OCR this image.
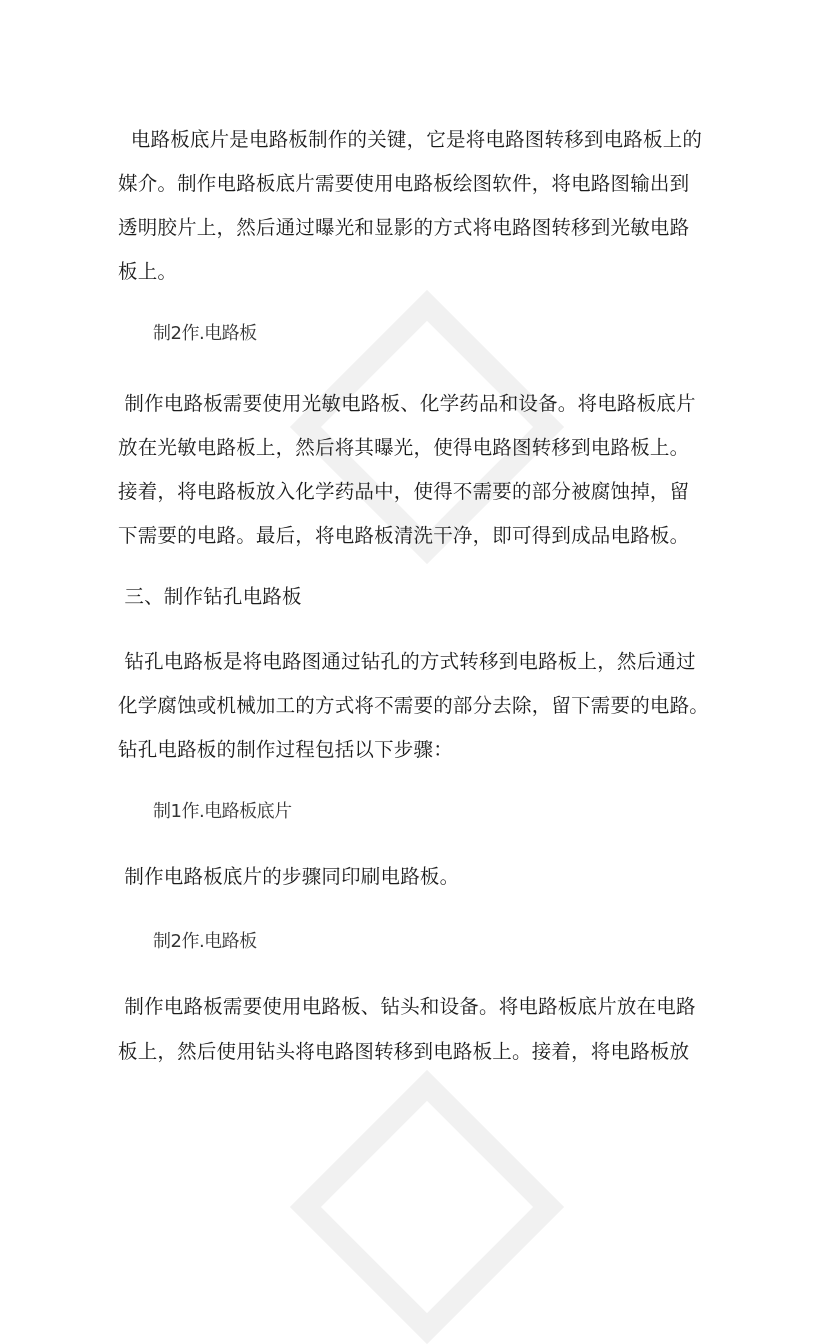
电路板底片是电路板制作的关键，它是将电路图转移到电路板上的
媒介。制作电路板底片需要使用电路板绘图软件，将电路图输出到
透明胶片上，然后通过曝光和显影的方式将电路图转移到光敏电路
板上。
制2作.电路板
制作电路板需要使用光敏电路板、化学药品和设备。将电路板底片
放在光敏电路板上，然后将其曝光，使得电路图转移到电路板上。
接着，将电路板放入化学药品中，使得不需要的部分被腐蚀掉，留
下需要的电路。最后，将电路板清洗干净，即可得到成品电路板。
三、制作钻孔电路板
钻孔电路板是将电路图通过钻孔的方式转移到电路板上，然后通过
化学腐蚀或机械加工的方式将不需要的部分去除，留下需要的电路。
钻孔电路板的制作过程包括以下步骤：
制1作.电路板底片
制作电路板底片的步骤同印刷电路板。
制2作.电路板
制作电路板需要使用电路板、钻头和设备。将电路板底片放在电路
板上，然后使用钻头将电路图转移到电路板上。接着，将电路板放
